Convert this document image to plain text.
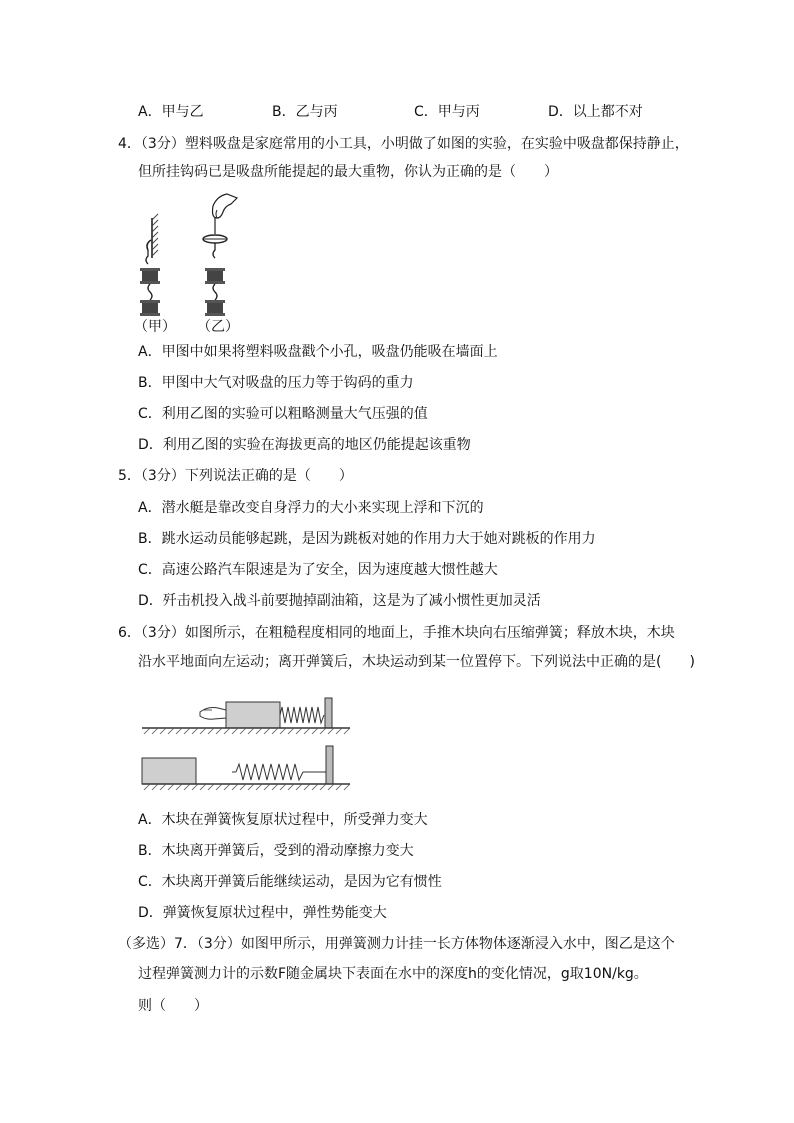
A．甲与乙	B．乙与丙	C．甲与丙	D．以上都不对
4．（3分）塑料吸盘是家庭常用的小工具，小明做了如图的实验，在实验中吸盘都保持静止，
但所挂钩码已是吸盘所能提起的最大重物，你认为正确的是（　　）
（甲） （乙）
A．甲图中如果将塑料吸盘戳个小孔，吸盘仍能吸在墙面上
B．甲图中大气对吸盘的压力等于钩码的重力
C．利用乙图的实验可以粗略测量大气压强的值
D．利用乙图的实验在海拔更高的地区仍能提起该重物
5．（3分）下列说法正确的是（　　）
A．潜水艇是靠改变自身浮力的大小来实现上浮和下沉的
B．跳水运动员能够起跳，是因为跳板对她的作用力大于她对跳板的作用力
C．高速公路汽车限速是为了安全，因为速度越大惯性越大
D．歼击机投入战斗前要抛掉副油箱，这是为了减小惯性更加灵活
6．（3分）如图所示，在粗糙程度相同的地面上，手推木块向右压缩弹簧；释放木块，木块
沿水平地面向左运动；离开弹簧后，木块运动到某一位置停下。下列说法中正确的是(　　)
A．木块在弹簧恢复原状过程中，所受弹力变大
B．木块离开弹簧后，受到的滑动摩擦力变大
C．木块离开弹簧后能继续运动，是因为它有惯性
D．弹簧恢复原状过程中，弹性势能变大
（多选）7．（3分）如图甲所示，用弹簧测力计挂一长方体物体逐渐浸入水中，图乙是这个
过程弹簧测力计的示数F随金属块下表面在水中的深度h的变化情况，g取10N/kg。
则（　　）
